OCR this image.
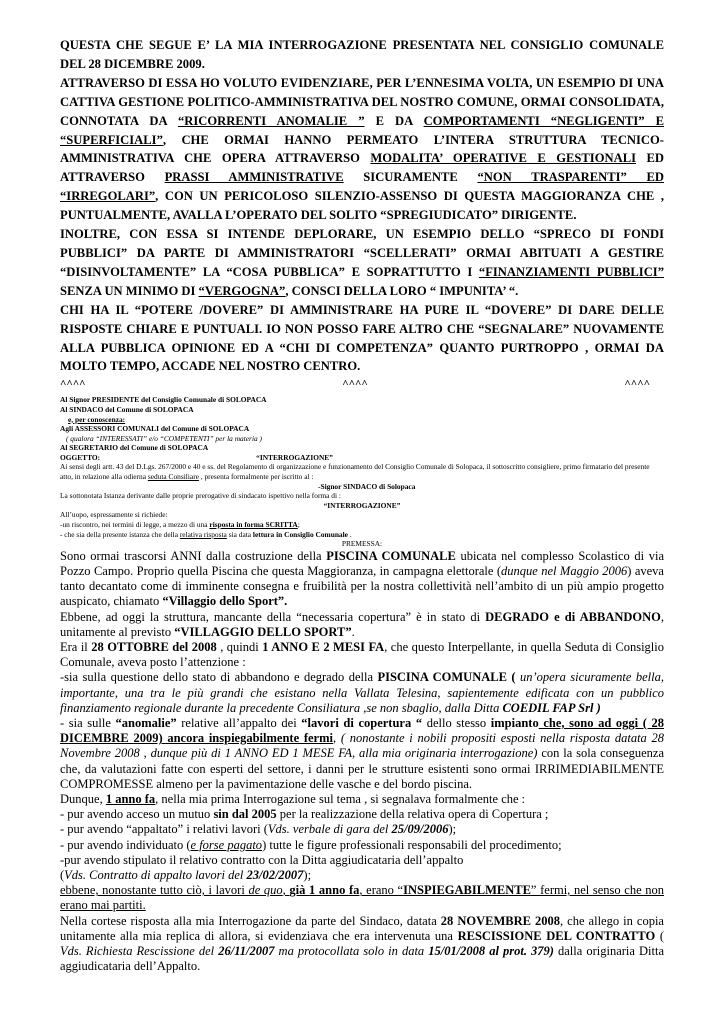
QUESTA CHE SEGUE E’ LA MIA INTERROGAZIONE PRESENTATA NEL CONSIGLIO COMUNALE DEL 28 DICEMBRE 2009.

ATTRAVERSO DI ESSA HO VOLUTO EVIDENZIARE, PER L’ENNESIMA VOLTA, UN ESEMPIO DI UNA CATTIVA GESTIONE POLITICO-AMMINISTRATIVA DEL NOSTRO COMUNE, ORMAI CONSOLIDATA, CONNOTATA DA “RICORRENTI ANOMALIE ” E DA COMPORTAMENTI “NEGLIGENTI” E “SUPERFICIALI”, CHE ORMAI HANNO PERMEATO L’INTERA STRUTTURA TECNICO-AMMINISTRATIVA CHE OPERA ATTRAVERSO MODALITA’ OPERATIVE E GESTIONALI ED ATTRAVERSO PRASSI AMMINISTRATIVE SICURAMENTE “NON TRASPARENTI” ED “IRREGOLARI”, CON UN PERICOLOSO SILENZIO-ASSENSO DI QUESTA MAGGIORANZA CHE , PUNTUALMENTE, AVALLA L’OPERATO DEL SOLITO “SPREGIUDICATO” DIRIGENTE.

INOLTRE, CON ESSA SI INTENDE DEPLORARE, UN ESEMPIO DELLO “SPRECO DI FONDI PUBBLICI” DA PARTE DI AMMINISTRATORI “SCELLERATI” ORMAI ABITUATI A GESTIRE “DISINVOLTAMENTE” LA “COSA PUBBLICA” E SOPRATTUTTO I “FINANZIAMENTI PUBBLICI” SENZA UN MINIMO DI “VERGOGNA”, CONSCI DELLA LORO “ IMPUNITA’ “.

CHI HA IL “POTERE /DOVERE” DI AMMINISTRARE HA PURE IL “DOVERE” DI DARE DELLE RISPOSTE CHIARE E PUNTUALI. IO NON POSSO FARE ALTRO CHE “SEGNALARE” NUOVAMENTE ALLA PUBBLICA OPINIONE ED A “CHI DI COMPETENZA” QUANTO PURTROPPO , ORMAI DA MOLTO TEMPO, ACCADE NEL NOSTRO CENTRO.

^^^^	^^^^	^^^^

Al Signor PRESIDENTE del Consiglio Comunale di SOLOPACA

Al SINDACO del Comune di SOLOPACA

e, per conoscenza:

Agli ASSESSORI COMUNALI del Comune di SOLOPACA

( qualora “INTERESSATI” e/o “COMPETENTI” per la materia )

Al SEGRETARIO del Comune di SOLOPACA

OGGETTO:	“INTERROGAZIONE”

Ai sensi degli artt. 43 del D.Lgs. 267/2000 e 40 e ss. del Regolamento di organizzazione e funzionamento del Consiglio Comunale di Solopaca, il sottoscritto consigliere, primo firmatario del presente atto, in relazione alla odierna seduta Consiliare , presenta formalmente per iscritto al :

-Signor SINDACO di Solopaca

La sottonotata Istanza derivante dalle proprie prerogative di sindacato ispettivo nella forma di :

“INTERROGAZIONE”

All’uopo, espressamente si richiede:

-un riscontro, nei termini di legge, a mezzo di una risposta in forma SCRITTA;

- che sia della presente istanza che della relativa risposta sia data lettura in Consiglio Comunale .

PREMESSA:

Sono ormai trascorsi ANNI dalla costruzione della PISCINA COMUNALE ubicata nel complesso Scolastico di via Pozzo Campo. Proprio quella Piscina che questa Maggioranza, in campagna elettorale (dunque nel Maggio 2006) aveva tanto decantato come di imminente consegna e fruibilità per la nostra collettività nell’ambito di un più ampio progetto auspicato, chiamato “Villaggio dello Sport”.

Ebbene, ad oggi la struttura, mancante della “necessaria copertura” è in stato di DEGRADO e di ABBANDONO, unitamente al previsto “VILLAGGIO DELLO SPORT”.

Era il 28 OTTOBRE del 2008 , quindi 1 ANNO E 2 MESI FA, che questo Interpellante, in quella Seduta di Consiglio Comunale, aveva posto l’attenzione :

-sia sulla questione dello stato di abbandono e degrado della PISCINA COMUNALE ( un’opera sicuramente bella, importante, una tra le più grandi che esistano nella Vallata Telesina, sapientemente edificata con un pubblico finanziamento regionale durante la precedente Consiliatura ,se non sbaglio, dalla Ditta COEDIL FAP Srl )

- sia sulle “anomalie” relative all’appalto dei “lavori di copertura “ dello stesso impianto che, sono ad oggi ( 28 DICEMBRE 2009) ancora inspiegabilmente fermi, ( nonostante i nobili propositi esposti nella risposta datata 28 Novembre 2008 , dunque più di 1 ANNO ED 1 MESE FA, alla mia originaria interrogazione) con la sola conseguenza che, da valutazioni fatte con esperti del settore, i danni per le strutture esistenti sono ormai IRRIMEDIABILMENTE COMPROMESSE almeno per la pavimentazione delle vasche e del bordo piscina.

Dunque, 1 anno fa, nella mia prima Interrogazione sul tema , si segnalava formalmente che :

- pur avendo acceso un mutuo sin dal 2005 per la realizzazione della relativa opera di Copertura ;

- pur avendo “appaltato” i relativi lavori (Vds. verbale di gara del 25/09/2006);

- pur avendo individuato (e forse pagato) tutte le figure professionali responsabili del procedimento;

-pur avendo stipulato il relativo contratto con la Ditta aggiudicataria dell’appalto

(Vds. Contratto di appalto lavori del 23/02/2007);

ebbene, nonostante tutto ciò, i lavori de quo, già 1 anno fa, erano “INSPIEGABILMENTE” fermi, nel senso che non erano mai partiti.

Nella cortese risposta alla mia Interrogazione da parte del Sindaco, datata 28 NOVEMBRE 2008, che allego in copia unitamente alla mia replica di allora, si evidenziava che era intervenuta una RESCISSIONE DEL CONTRATTO ( Vds. Richiesta Rescissione del 26/11/2007 ma protocollata solo in data 15/01/2008 al prot. 379) dalla originaria Ditta aggiudicataria dell’Appalto.
